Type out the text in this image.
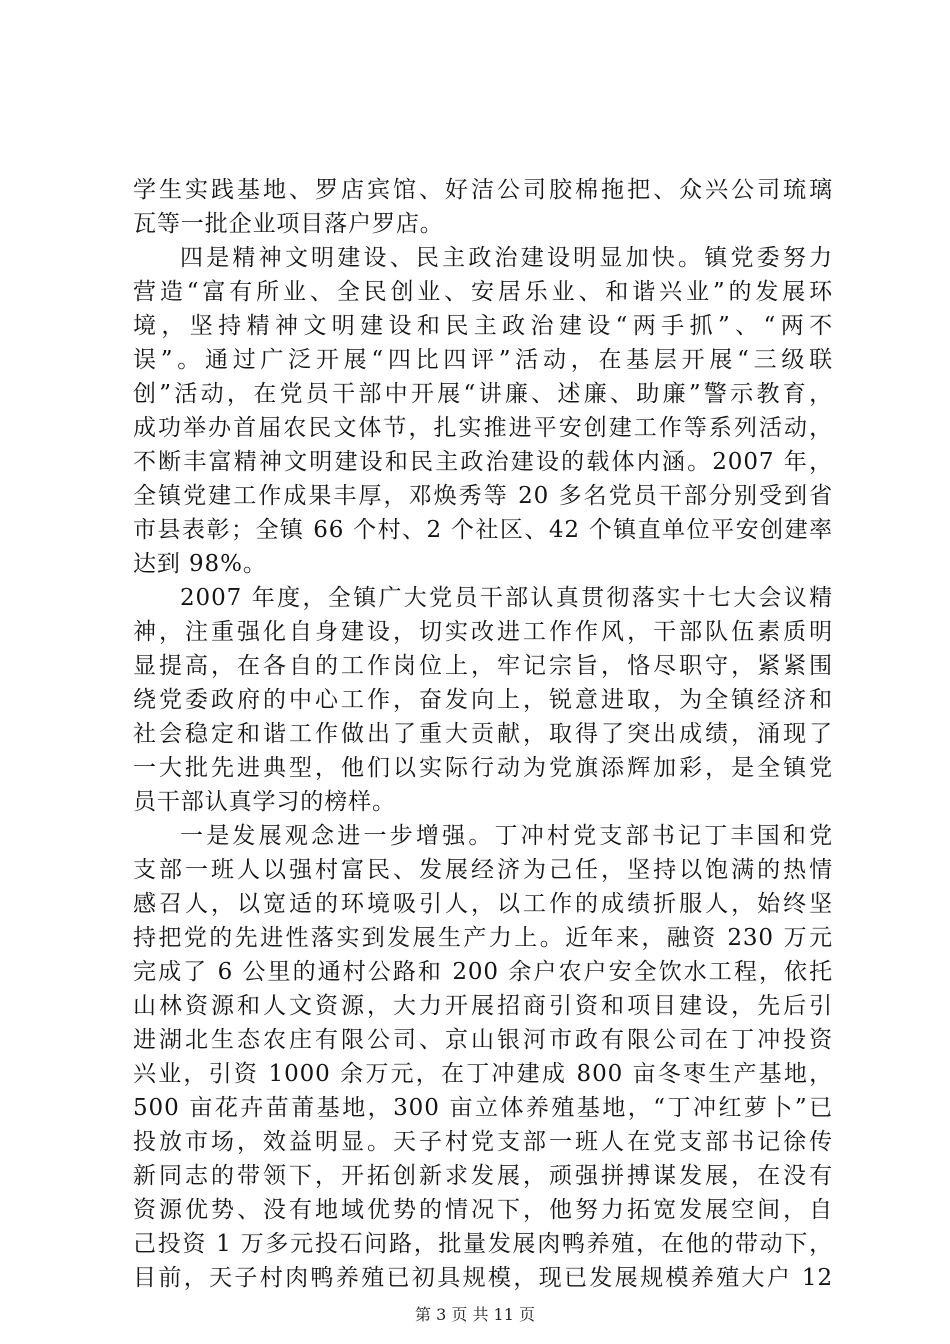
学生实践基地、罗店宾馆、好洁公司胶棉拖把、众兴公司琉璃
瓦等一批企业项目落户罗店。
四是精神文明建设、民主政治建设明显加快。镇党委努力
营造“富有所业、全民创业、安居乐业、和谐兴业”的发展环
境，坚持精神文明建设和民主政治建设“两手抓”、“两不
误”。通过广泛开展“四比四评”活动，在基层开展“三级联
创”活动，在党员干部中开展“讲廉、述廉、助廉”警示教育，
成功举办首届农民文体节，扎实推进平安创建工作等系列活动，
不断丰富精神文明建设和民主政治建设的载体内涵。2007 年，
全镇党建工作成果丰厚，邓焕秀等 20 多名党员干部分别受到省
市县表彰；全镇 66 个村、2 个社区、42 个镇直单位平安创建率
达到 98%。
2007 年度，全镇广大党员干部认真贯彻落实十七大会议精
神，注重强化自身建设，切实改进工作作风，干部队伍素质明
显提高，在各自的工作岗位上，牢记宗旨，恪尽职守，紧紧围
绕党委政府的中心工作，奋发向上，锐意进取，为全镇经济和
社会稳定和谐工作做出了重大贡献，取得了突出成绩，涌现了
一大批先进典型，他们以实际行动为党旗添辉加彩，是全镇党
员干部认真学习的榜样。
一是发展观念进一步增强。丁冲村党支部书记丁丰国和党
支部一班人以强村富民、发展经济为己任，坚持以饱满的热情
感召人，以宽适的环境吸引人，以工作的成绩折服人，始终坚
持把党的先进性落实到发展生产力上。近年来，融资 230 万元
完成了 6 公里的通村公路和 200 余户农户安全饮水工程，依托
山林资源和人文资源，大力开展招商引资和项目建设，先后引
进湖北生态农庄有限公司、京山银河市政有限公司在丁冲投资
兴业，引资 1000 余万元，在丁冲建成 800 亩冬枣生产基地，
500 亩花卉苗莆基地，300 亩立体养殖基地，“丁冲红萝卜”已
投放市场，效益明显。天子村党支部一班人在党支部书记徐传
新同志的带领下，开拓创新求发展，顽强拼搏谋发展，在没有
资源优势、没有地域优势的情况下，他努力拓宽发展空间，自
己投资 1 万多元投石问路，批量发展肉鸭养殖，在他的带动下，
目前，天子村肉鸭养殖已初具规模，现已发展规模养殖大户 12
第 3 页 共 11 页
